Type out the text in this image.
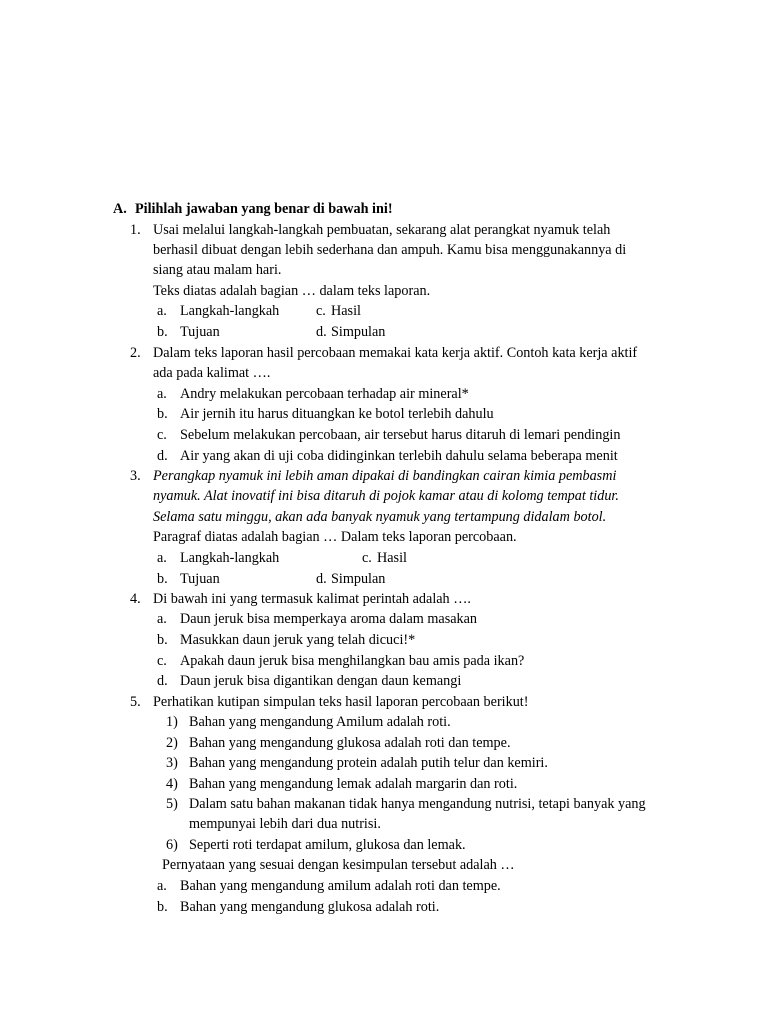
A. Pilihlah jawaban yang benar di bawah ini!
1. Usai melalui langkah-langkah pembuatan, sekarang alat perangkat nyamuk telah
berhasil dibuat dengan lebih sederhana dan ampuh. Kamu bisa menggunakannya di
siang atau malam hari.
Teks diatas adalah bagian … dalam teks laporan.
a. Langkah-langkah	c. Hasil
b. Tujuan	d. Simpulan
2. Dalam teks laporan hasil percobaan memakai kata kerja aktif. Contoh kata kerja aktif
ada pada kalimat ….
a. Andry melakukan percobaan terhadap air mineral*
b. Air jernih itu harus dituangkan ke botol terlebih dahulu
c. Sebelum melakukan percobaan, air tersebut harus ditaruh di lemari pendingin
d. Air yang akan di uji coba didinginkan terlebih dahulu selama beberapa menit
3. Perangkap nyamuk ini lebih aman dipakai di bandingkan cairan kimia pembasmi
nyamuk. Alat inovatif ini bisa ditaruh di pojok kamar atau di kolomg tempat tidur.
Selama satu minggu, akan ada banyak nyamuk yang tertampung didalam botol.
Paragraf diatas adalah bagian … Dalam teks laporan percobaan.
a. Langkah-langkah	c. Hasil
b. Tujuan	d. Simpulan
4. Di bawah ini yang termasuk kalimat perintah adalah ….
a. Daun jeruk bisa memperkaya aroma dalam masakan
b. Masukkan daun jeruk yang telah dicuci!*
c. Apakah daun jeruk bisa menghilangkan bau amis pada ikan?
d. Daun jeruk bisa digantikan dengan daun kemangi
5. Perhatikan kutipan simpulan teks hasil laporan percobaan berikut!
1) Bahan yang mengandung Amilum adalah roti.
2) Bahan yang mengandung glukosa adalah roti dan tempe.
3) Bahan yang mengandung protein adalah putih telur dan kemiri.
4) Bahan yang mengandung lemak adalah margarin dan roti.
5) Dalam satu bahan makanan tidak hanya mengandung nutrisi, tetapi banyak yang
mempunyai lebih dari dua nutrisi.
6) Seperti roti terdapat amilum, glukosa dan lemak.
Pernyataan yang sesuai dengan kesimpulan tersebut adalah …
a. Bahan yang mengandung amilum adalah roti dan tempe.
b. Bahan yang mengandung glukosa adalah roti.
